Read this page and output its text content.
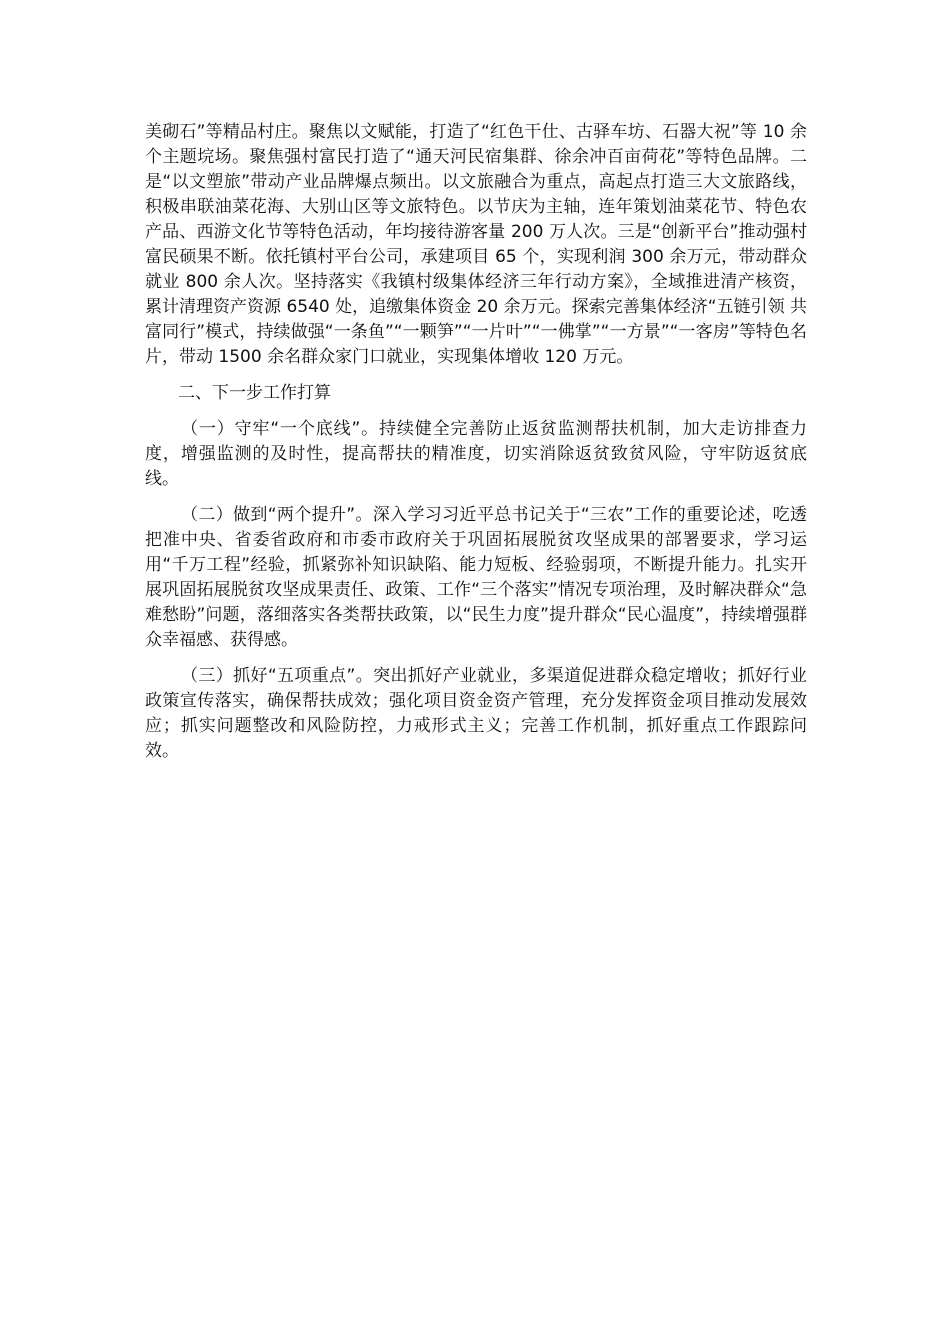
美砌石”等精品村庄。聚焦以文赋能，打造了“红色干仕、古驿车坊、石器大祝”等 10 余个主题垸场。聚焦强村富民打造了“通天河民宿集群、徐余冲百亩荷花”等特色品牌。二是“以文塑旅”带动产业品牌爆点频出。以文旅融合为重点，高起点打造三大文旅路线，积极串联油菜花海、大别山区等文旅特色。以节庆为主轴，连年策划油菜花节、特色农产品、西游文化节等特色活动，年均接待游客量 200 万人次。三是“创新平台”推动强村富民硕果不断。依托镇村平台公司，承建项目 65 个，实现利润 300 余万元，带动群众就业 800 余人次。坚持落实《我镇村级集体经济三年行动方案》，全域推进清产核资，累计清理资产资源 6540 处，追缴集体资金 20 余万元。探索完善集体经济“五链引领 共富同行”模式，持续做强“一条鱼”“一颗笋”“一片叶”“一佛掌”“一方景”“一客房”等特色名片，带动 1500 余名群众家门口就业，实现集体增收 120 万元。

二、下一步工作打算

（一）守牢“一个底线”。持续健全完善防止返贫监测帮扶机制，加大走访排查力度，增强监测的及时性，提高帮扶的精准度，切实消除返贫致贫风险，守牢防返贫底线。

（二）做到“两个提升”。深入学习习近平总书记关于“三农”工作的重要论述，吃透把准中央、省委省政府和市委市政府关于巩固拓展脱贫攻坚成果的部署要求，学习运用“千万工程”经验，抓紧弥补知识缺陷、能力短板、经验弱项，不断提升能力。扎实开展巩固拓展脱贫攻坚成果责任、政策、工作“三个落实”情况专项治理，及时解决群众“急难愁盼”问题，落细落实各类帮扶政策，以“民生力度”提升群众“民心温度”，持续增强群众幸福感、获得感。

（三）抓好“五项重点”。突出抓好产业就业，多渠道促进群众稳定增收；抓好行业政策宣传落实，确保帮扶成效；强化项目资金资产管理，充分发挥资金项目推动发展效应；抓实问题整改和风险防控，力戒形式主义；完善工作机制，抓好重点工作跟踪问效。
